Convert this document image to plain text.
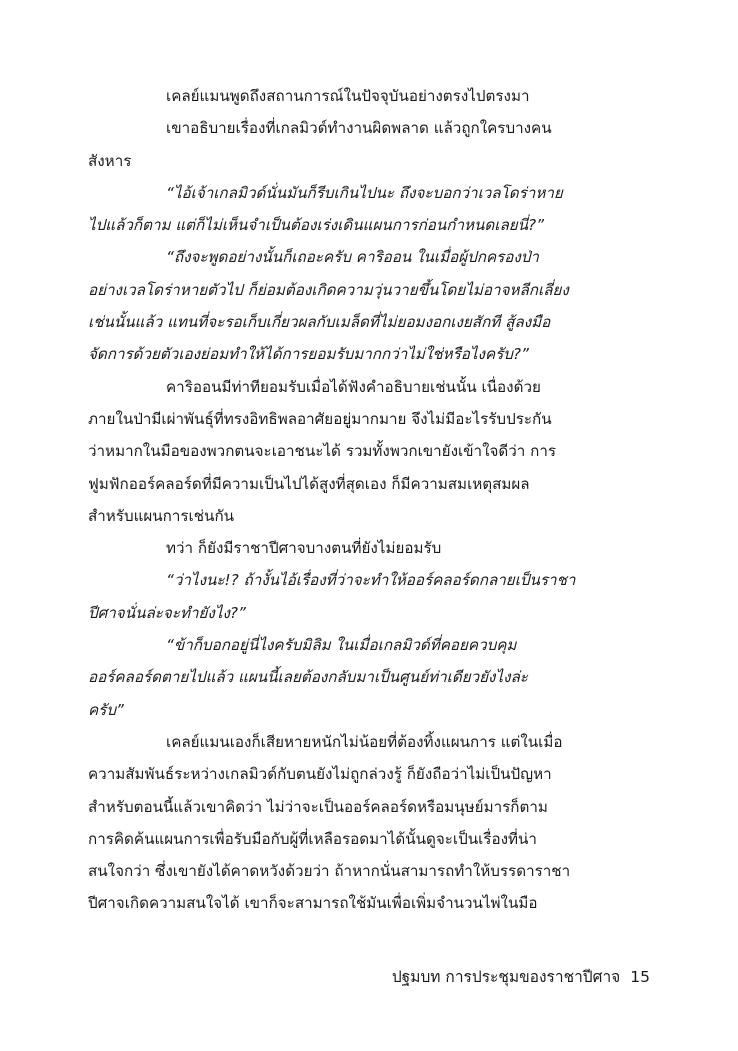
เคลย์แมนพูดถึงสถานการณ์ในปัจจุบันอย่างตรงไปตรงมา

เขาอธิบายเรื่องที่เกลมิวด์ทำงานผิดพลาด แล้วถูกใครบางคน
สังหาร

“ไอ้เจ้าเกลมิวด์นั่นมันก็รีบเกินไปนะ ถึงจะบอกว่าเวลโดร่าหาย
ไปแล้วก็ตาม แต่ก็ไม่เห็นจำเป็นต้องเร่งเดินแผนการก่อนกำหนดเลยนี่?”

“ถึงจะพูดอย่างนั้นก็เถอะครับ คาริออน ในเมื่อผู้ปกครองป่า
อย่างเวลโดร่าหายตัวไป ก็ย่อมต้องเกิดความวุ่นวายขึ้นโดยไม่อาจหลีกเลี่ยง
เช่นนั้นแล้ว แทนที่จะรอเก็บเกี่ยวผลกับเมล็ดที่ไม่ยอมงอกเงยสักที สู้ลงมือ
จัดการด้วยตัวเองย่อมทำให้ได้การยอมรับมากกว่าไม่ใช่หรือไงครับ?”

คาริออนมีท่าทียอมรับเมื่อได้ฟังคำอธิบายเช่นนั้น เนื่องด้วย
ภายในป่ามีเผ่าพันธุ์ที่ทรงอิทธิพลอาศัยอยู่มากมาย จึงไม่มีอะไรรับประกัน
ว่าหมากในมือของพวกตนจะเอาชนะได้ รวมทั้งพวกเขายังเข้าใจดีว่า การ
ฟูมฟักออร์คลอร์ดที่มีความเป็นไปได้สูงที่สุดเอง ก็มีความสมเหตุสมผล
สำหรับแผนการเช่นกัน

ทว่า ก็ยังมีราชาปีศาจบางตนที่ยังไม่ยอมรับ

“ว่าไงนะ!? ถ้างั้นไอ้เรื่องที่ว่าจะทำให้ออร์คลอร์ดกลายเป็นราชา
ปีศาจนั่นล่ะจะทำยังไง?”

“ข้าก็บอกอยู่นี่ไงครับมิลิม ในเมื่อเกลมิวด์ที่คอยควบคุม
ออร์คลอร์ดตายไปแล้ว แผนนี้เลยต้องกลับมาเป็นศูนย์ท่าเดียวยังไงล่ะ
ครับ”

เคลย์แมนเองก็เสียหายหนักไม่น้อยที่ต้องทิ้งแผนการ แต่ในเมื่อ
ความสัมพันธ์ระหว่างเกลมิวด์กับตนยังไม่ถูกล่วงรู้ ก็ยังถือว่าไม่เป็นปัญหา
สำหรับตอนนี้แล้วเขาคิดว่า ไม่ว่าจะเป็นออร์คลอร์ดหรือมนุษย์มารก็ตาม
การคิดค้นแผนการเพื่อรับมือกับผู้ที่เหลือรอดมาได้นั้นดูจะเป็นเรื่องที่น่า
สนใจกว่า ซึ่งเขายังได้คาดหวังด้วยว่า ถ้าหากนั่นสามารถทำให้บรรดาราชา
ปีศาจเกิดความสนใจได้ เขาก็จะสามารถใช้มันเพื่อเพิ่มจำนวนไพ่ในมือ

ปฐมบท การประชุมของราชาปีศาจ 15
